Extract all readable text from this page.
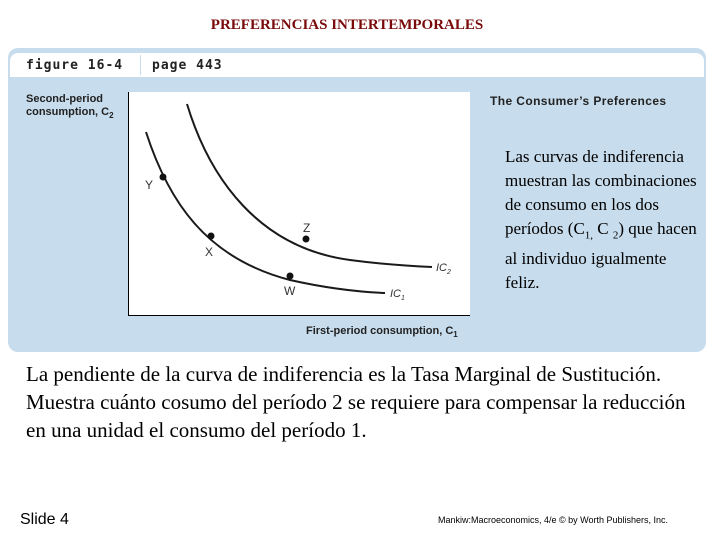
PREFERENCIAS INTERTEMPORALES
figure 16-4 page 443
Second-period
consumption, $C_2$
First-period consumption, $C_1$
The Consumer’s Preferences
Y
X
Z
W
$IC_2$
$IC_1$
Las curvas de indiferencia muestran las combinaciones de consumo en los dos períodos ($C_{1,}$ C $_2$) que hacen al individuo igualmente feliz.
La pendiente de la curva de indiferencia es la Tasa Marginal de Sustitución. Muestra cuánto cosumo del período 2 se requiere para compensar la reducción en una unidad el consumo del período 1.
Slide 4	Mankiw:Macroeconomics, 4/e © by Worth Publishers, Inc.
